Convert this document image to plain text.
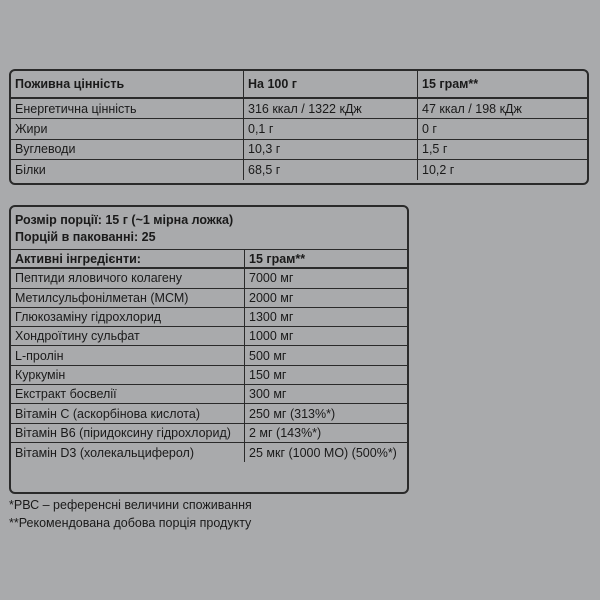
Поживна цінність	На 100 г	15 грам**
Енергетична цінність	316 ккал / 1322 кДж	47 ккал / 198 кДж
Жири	0,1 г	0 г
Вуглеводи	10,3 г	1,5 г
Білки	68,5 г	10,2 г
Розмір порції: 15 г (~1 мірна ложка)
Порцій в пакованні: 25
Активні інгредієнти:	15 грам**
Пептиди яловичого колагену	7000 мг
Метилсульфонілметан (МСМ)	2000 мг
Глюкозаміну гідрохлорид	1300 мг
Хондроїтину сульфат	1000 мг
L-пролін	500 мг
Куркумін	150 мг
Екстракт босвелії	300 мг
Вітамін С (аскорбінова кислота)	250 мг (313%*)
Вітамін В6 (піридоксину гідрохлорид)	2 мг (143%*)
Вітамін D3 (холекальциферол)	25 мкг (1000 МО) (500%*)
*РВС – референсні величини споживання
**Рекомендована добова порція продукту
